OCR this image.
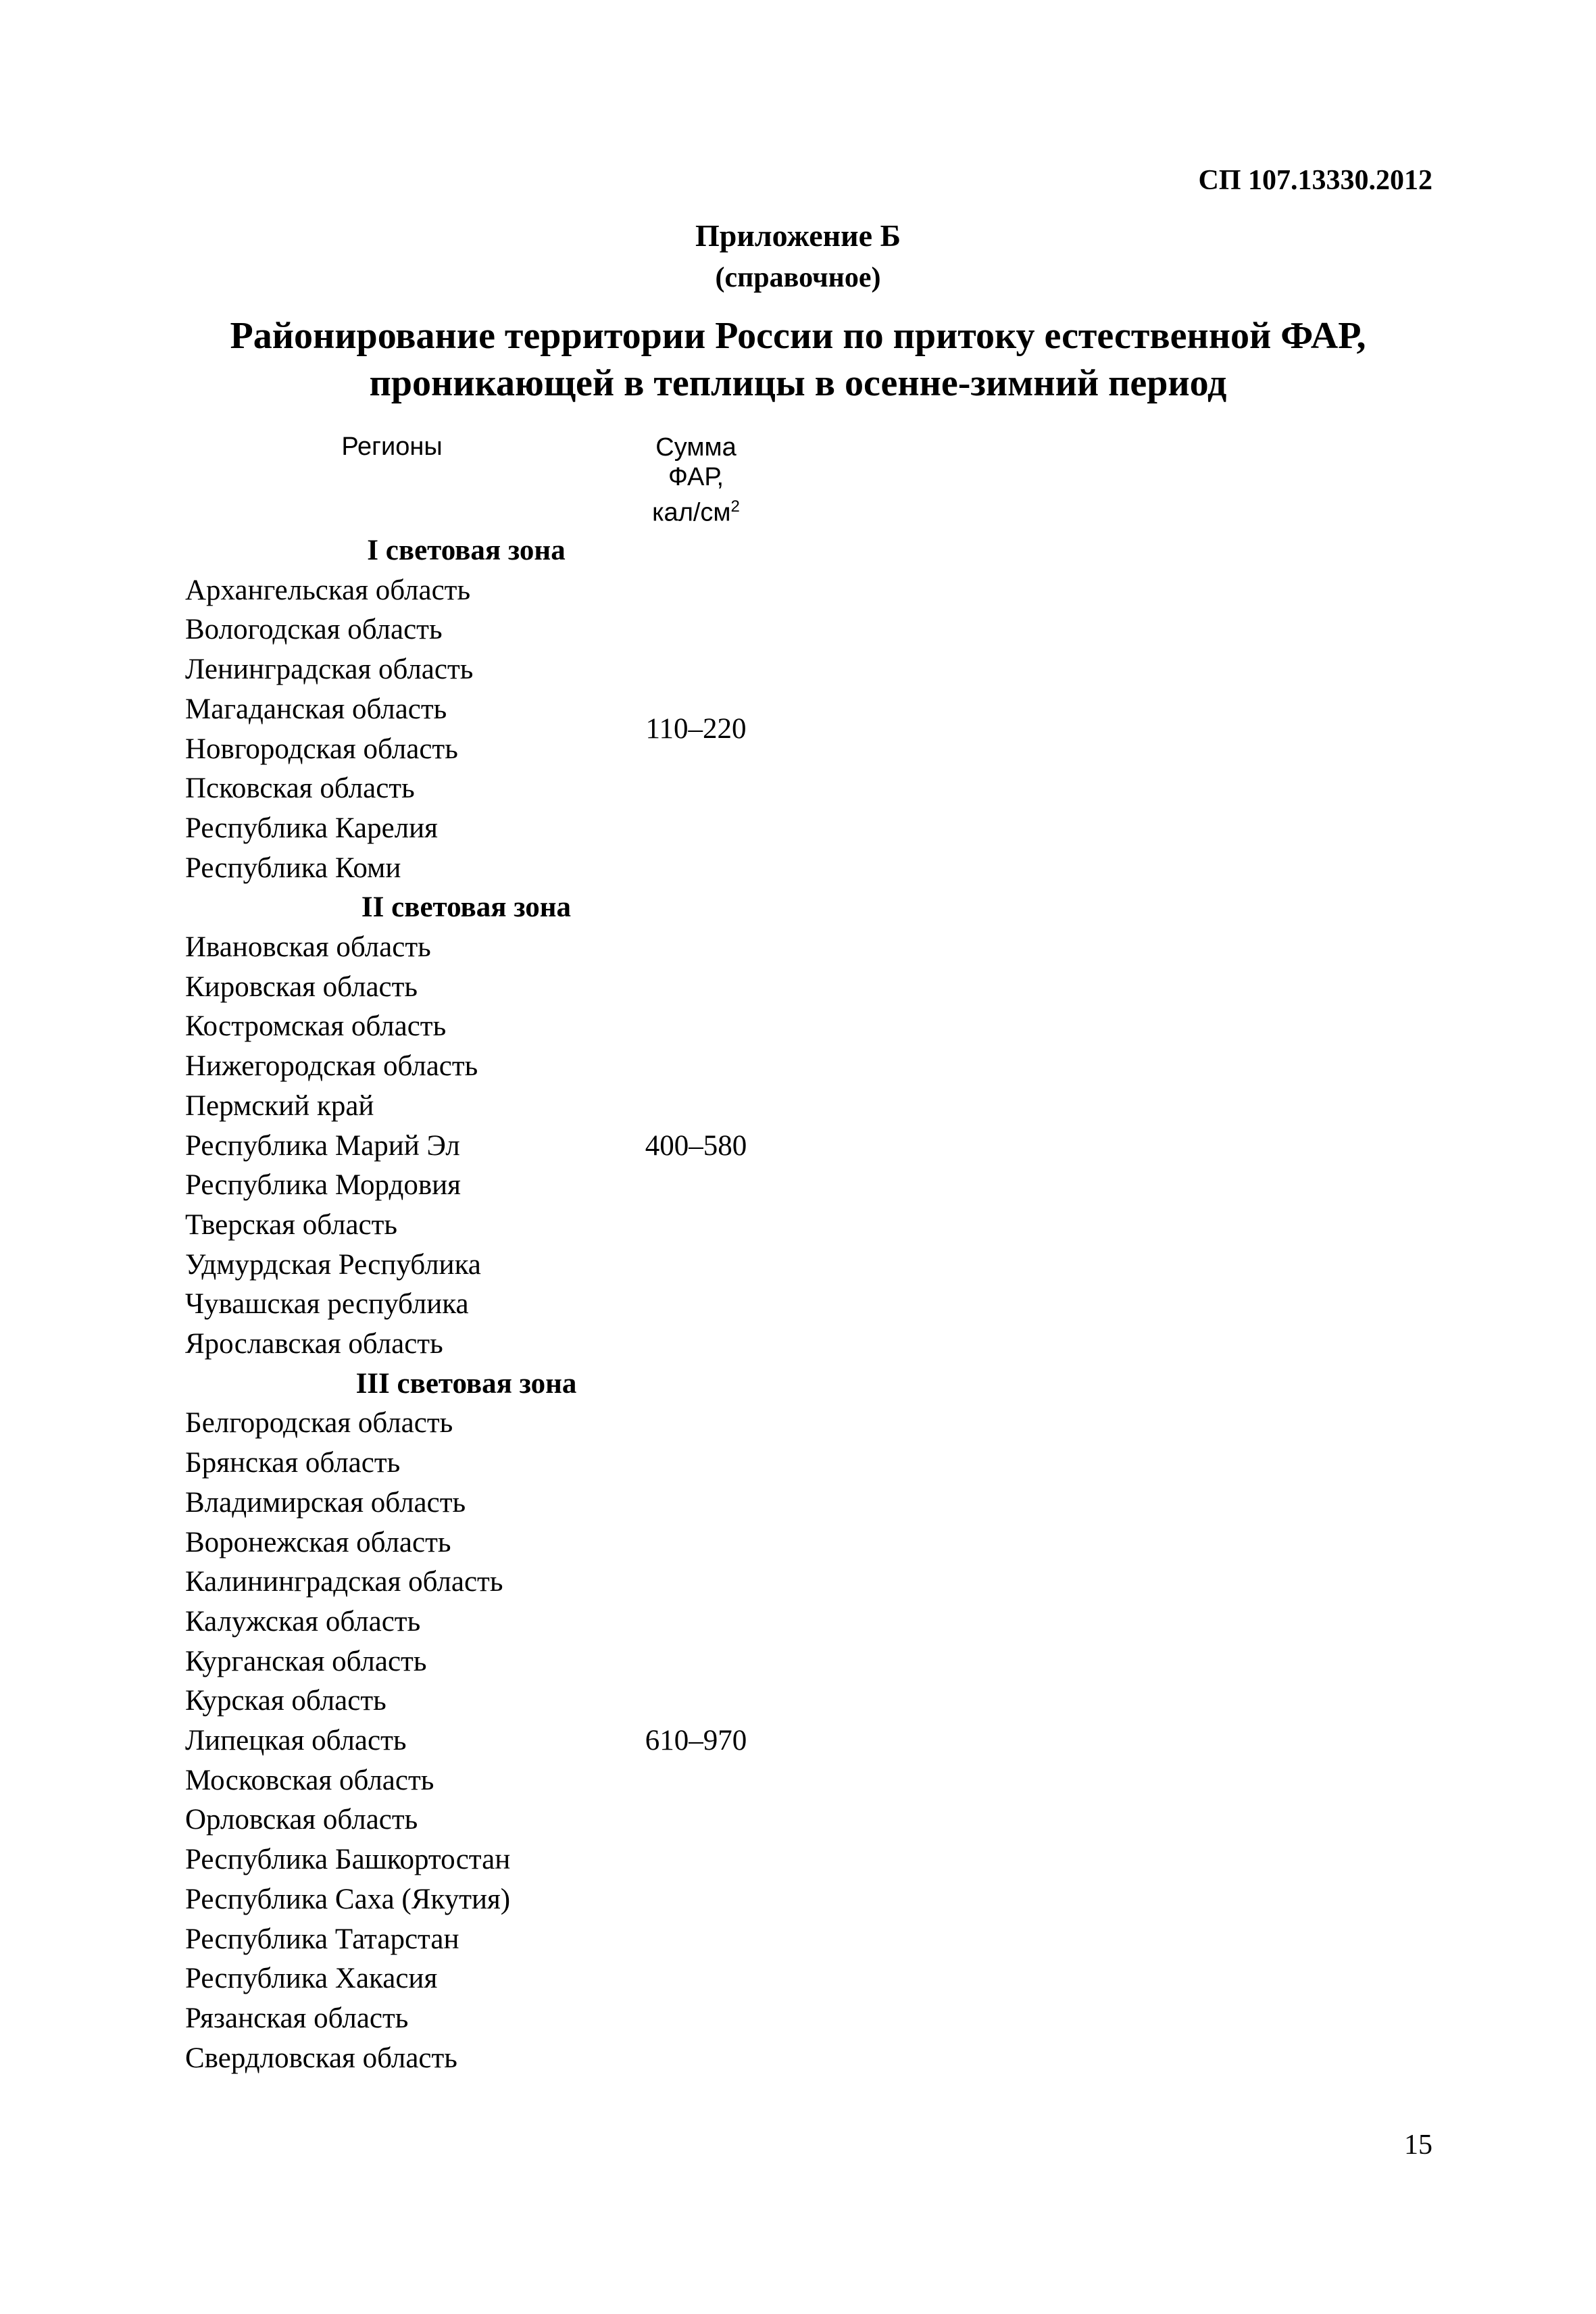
СП 107.13330.2012
Приложение Б
(справочное)
Районирование территории России по притоку естественной ФАР,
проникающей в теплицы в осенне-зимний период
Регионы	Сумма
ФАР,
кал/$см^2$
I световая зона
Архангельская область
Вологодская область
Ленинградская область
Магаданская область
Новгородская область
Псковская область
Республика Карелия
Республика Коми
110–220
II световая зона
Ивановская область
Кировская область
Костромская область
Нижегородская область
Пермский край
Республика Марий Эл
Республика Мордовия
Тверская область
Удмурдская Республика
Чувашская республика
Ярославская область
400–580
III световая зона
Белгородская область
Брянская область
Владимирская область
Воронежская область
Калининградская область
Калужская область
Курганская область
Курская область
Липецкая область
Московская область
Орловская область
Республика Башкортостан
Республика Саха (Якутия)
Республика Татарстан
Республика Хакасия
Рязанская область
Свердловская область
610–970
15
